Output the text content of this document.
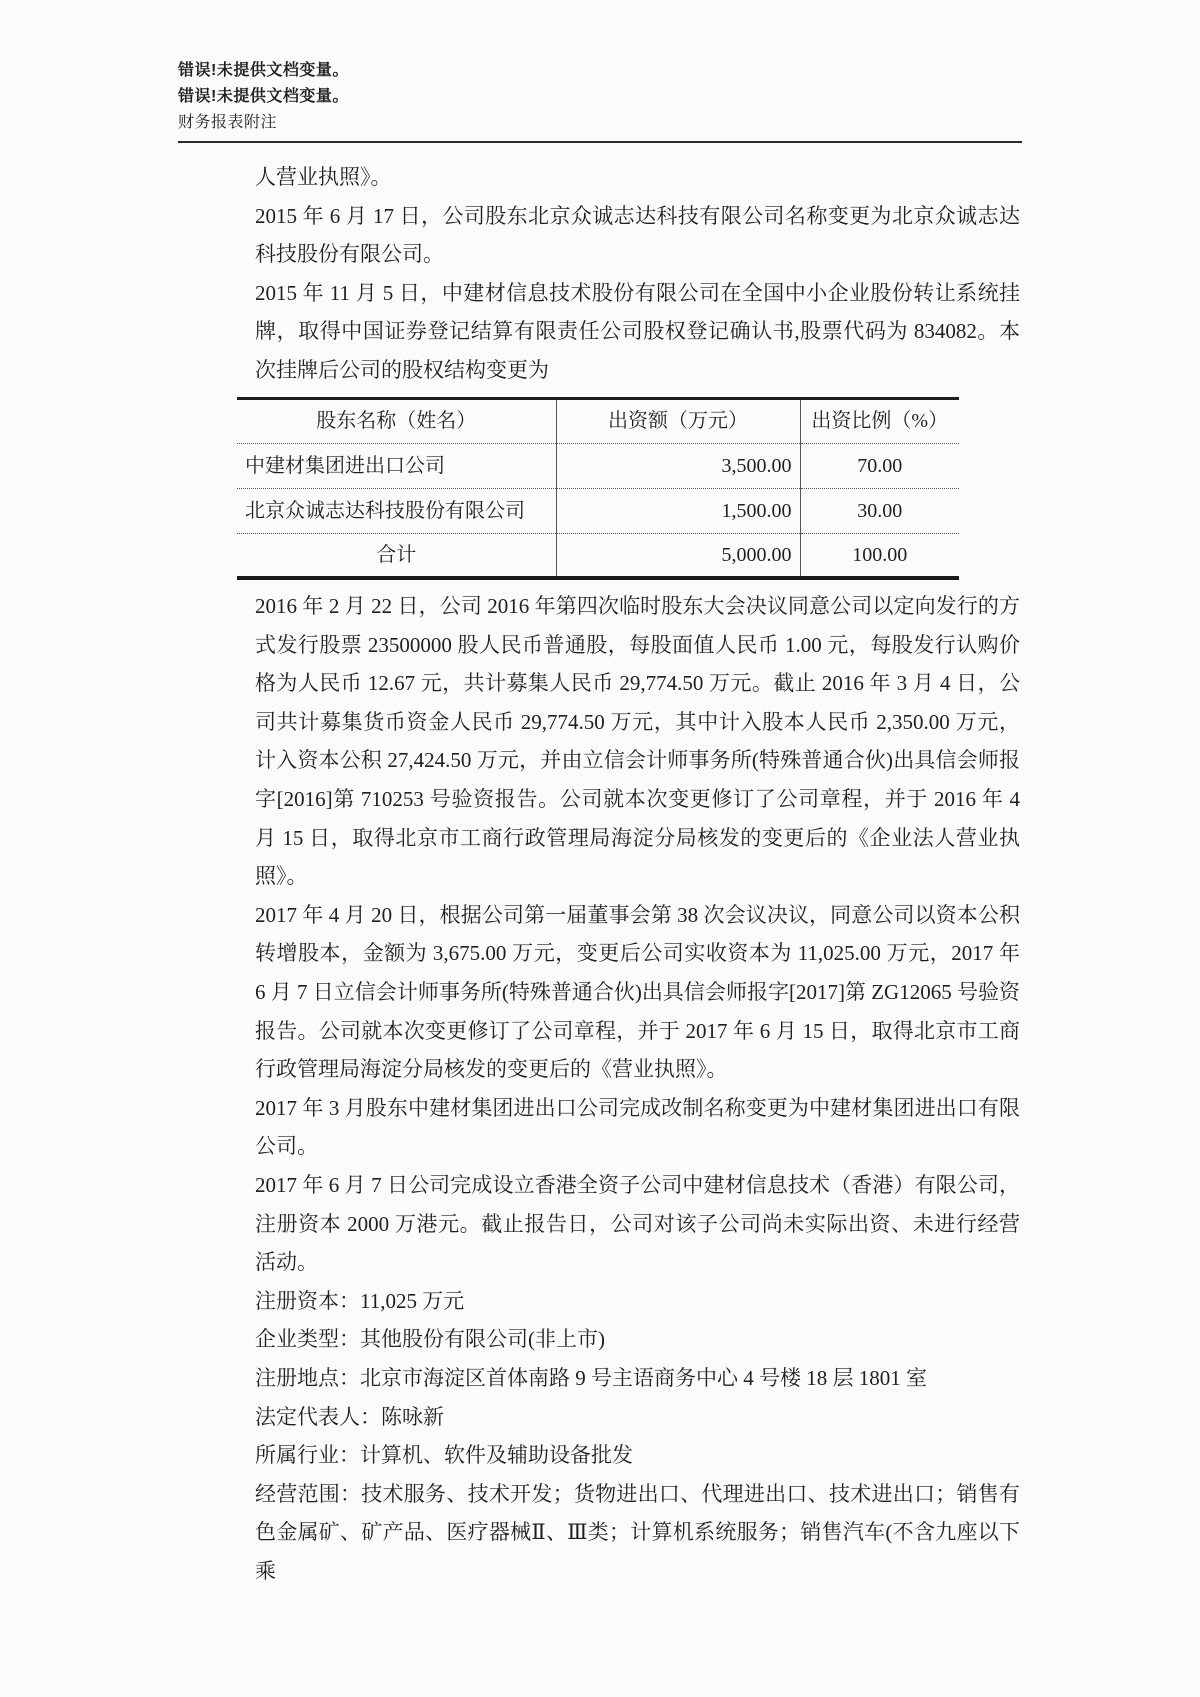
错误!未提供文档变量。
错误!未提供文档变量。
财务报表附注

人营业执照》。

2015 年 6 月 17 日，公司股东北京众诚志达科技有限公司名称变更为北京众诚志达科技股份有限公司。

2015 年 11 月 5 日，中建材信息技术股份有限公司在全国中小企业股份转让系统挂牌，取得中国证券登记结算有限责任公司股权登记确认书,股票代码为 834082。本次挂牌后公司的股权结构变更为

股东名称（姓名）	出资额（万元）	出资比例（%）
中建材集团进出口公司	3,500.00	70.00
北京众诚志达科技股份有限公司	1,500.00	30.00
合计	5,000.00	100.00

2016 年 2 月 22 日，公司 2016 年第四次临时股东大会决议同意公司以定向发行的方式发行股票 23500000 股人民币普通股，每股面值人民币 1.00 元，每股发行认购价格为人民币 12.67 元，共计募集人民币 29,774.50 万元。截止 2016 年 3 月 4 日，公司共计募集货币资金人民币 29,774.50 万元，其中计入股本人民币 2,350.00 万元，计入资本公积 27,424.50 万元，并由立信会计师事务所(特殊普通合伙)出具信会师报字[2016]第 710253 号验资报告。公司就本次变更修订了公司章程，并于 2016 年 4 月 15 日，取得北京市工商行政管理局海淀分局核发的变更后的《企业法人营业执照》。

2017 年 4 月 20 日，根据公司第一届董事会第 38 次会议决议，同意公司以资本公积转增股本，金额为 3,675.00 万元，变更后公司实收资本为 11,025.00 万元，2017 年 6 月 7 日立信会计师事务所(特殊普通合伙)出具信会师报字[2017]第 ZG12065 号验资报告。公司就本次变更修订了公司章程，并于 2017 年 6 月 15 日，取得北京市工商行政管理局海淀分局核发的变更后的《营业执照》。

2017 年 3 月股东中建材集团进出口公司完成改制名称变更为中建材集团进出口有限公司。

2017 年 6 月 7 日公司完成设立香港全资子公司中建材信息技术（香港）有限公司，注册资本 2000 万港元。截止报告日，公司对该子公司尚未实际出资、未进行经营活动。

注册资本：11,025 万元

企业类型：其他股份有限公司(非上市)

注册地点：北京市海淀区首体南路 9 号主语商务中心 4 号楼 18 层 1801 室

法定代表人：陈咏新

所属行业：计算机、软件及辅助设备批发

经营范围：技术服务、技术开发；货物进出口、代理进出口、技术进出口；销售有色金属矿、矿产品、医疗器械Ⅱ、Ⅲ类；计算机系统服务；销售汽车(不含九座以下乘
